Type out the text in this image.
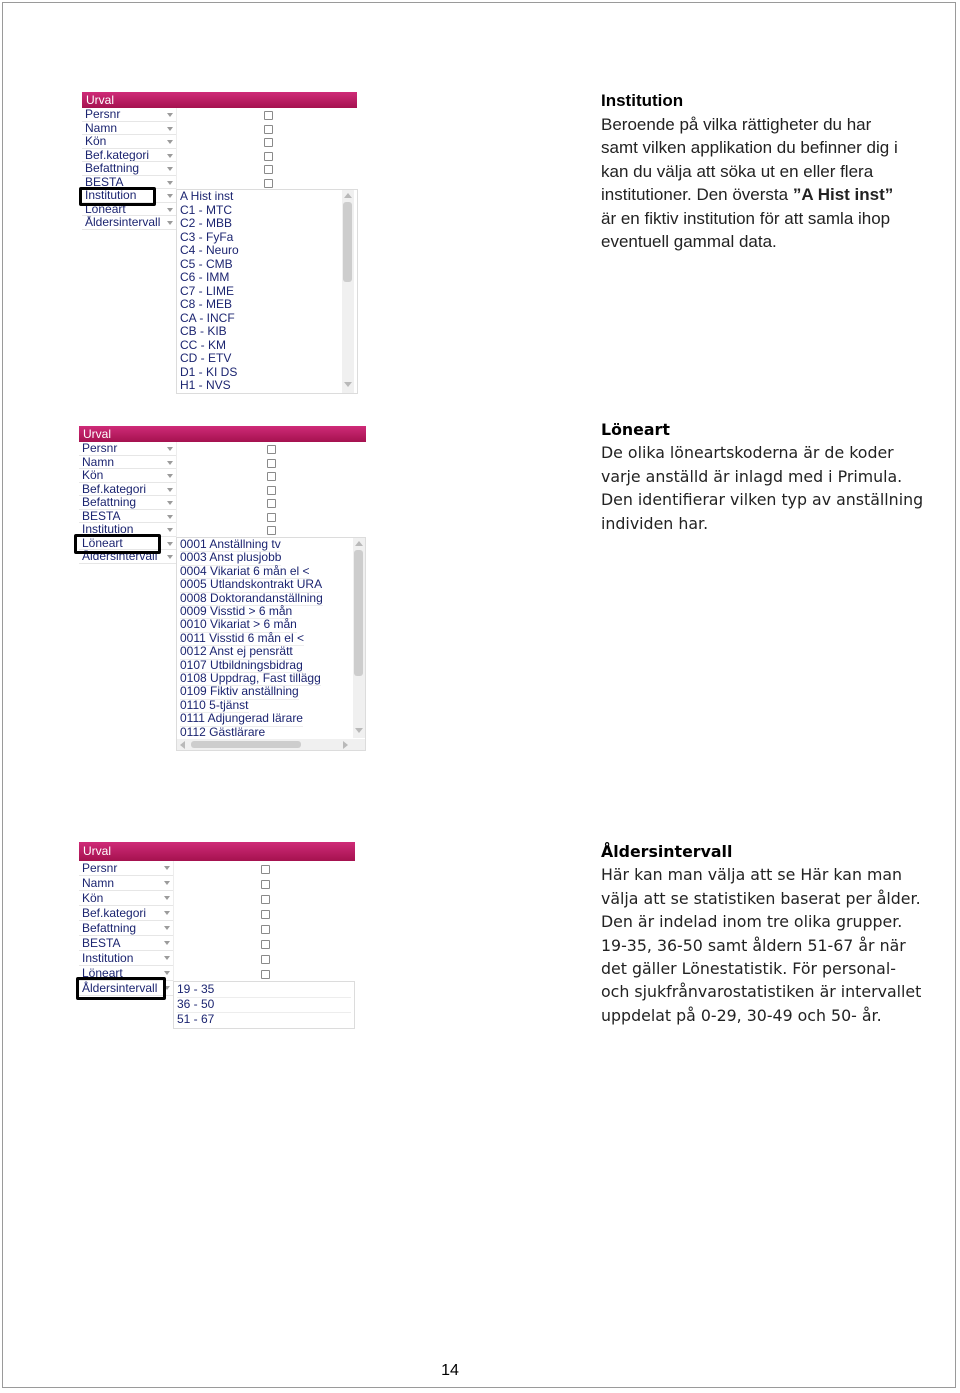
Urval
Persnr
Namn
Kön
Bef.kategori
Befattning
BESTA
Institution
Löneart
Åldersintervall
A Hist inst
C1 - MTC
C2 - MBB
C3 - FyFa
C4 - Neuro
C5 - CMB
C6 - IMM
C7 - LIME
C8 - MEB
CA - INCF
CB - KIB
CC - KM
CD - ETV
D1 - KI DS
H1 - NVS
Urval
Persnr
Namn
Kön
Bef.kategori
Befattning
BESTA
Institution
Löneart
Åldersintervall
0001 Anställning tv
0003 Anst plusjobb
0004 Vikariat 6 mån el <
0005 Utlandskontrakt URA
0008 Doktorandanställning
0009 Visstid > 6 mån
0010 Vikariat > 6 mån
0011 Visstid 6 mån el <
0012 Anst ej pensrätt
0107 Utbildningsbidrag
0108 Uppdrag, Fast tillägg
0109 Fiktiv anställning
0110 5-tjänst
0111 Adjungerad lärare
0112 Gästlärare
Urval
Persnr
Namn
Kön
Bef.kategori
Befattning
BESTA
Institution
Löneart
Åldersintervall	19 - 35
36 - 50
51 - 67
Institution
Beroende på vilka rättigheter du har
samt vilken applikation du befinner dig i
kan du välja att söka ut en eller flera
institutioner. Den översta ”A Hist inst”
är en fiktiv institution för att samla ihop
eventuell gammal data.
Löneart
De olika löneartskoderna är de koder
varje anställd är inlagd med i Primula.
Den identifierar vilken typ av anställning
individen har.
Åldersintervall
Här kan man välja att se Här kan man
välja att se statistiken baserat per ålder.
Den är indelad inom tre olika grupper.
19-35, 36-50 samt åldern 51-67 år när
det gäller Lönestatistik. För personal-
och sjukfrånvarostatistiken är intervallet
uppdelat på 0-29, 30-49 och 50- år.
14
